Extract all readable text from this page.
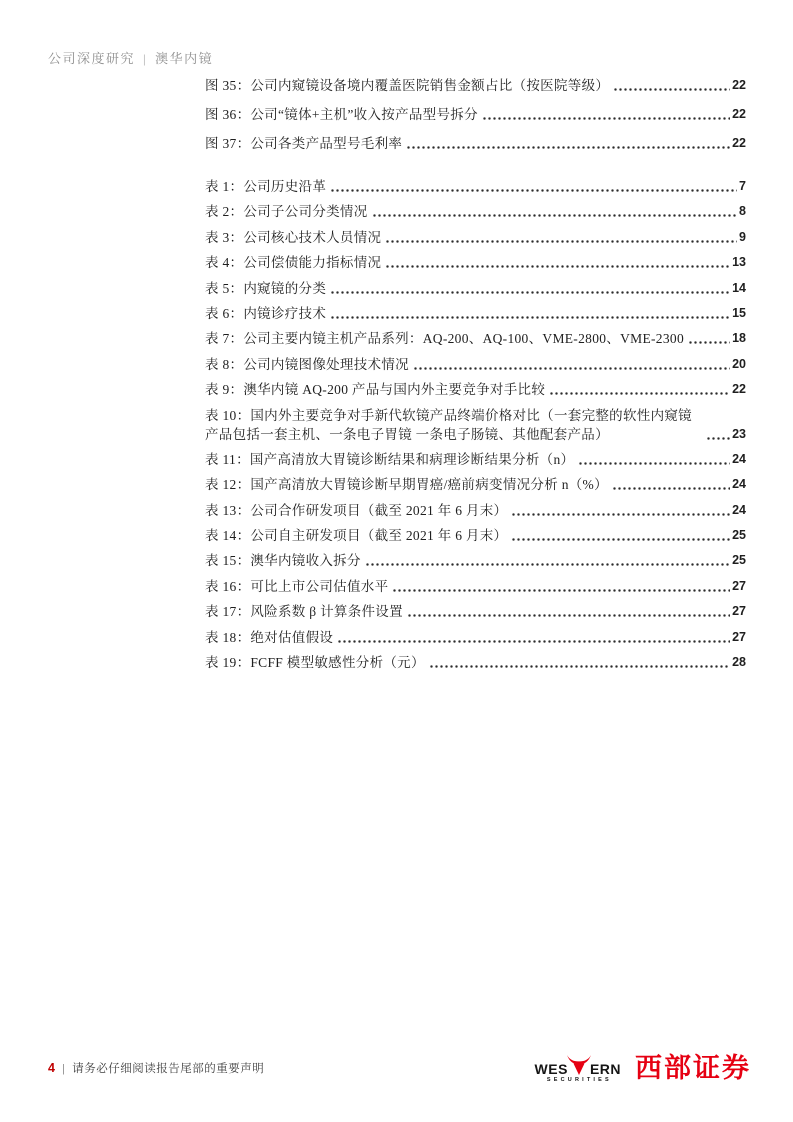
公司深度研究 | 澳华内镜
图 35：公司内窥镜设备境内覆盖医院销售金额占比（按医院等级）	22
图 36：公司“镜体+主机”收入按产品型号拆分	22
图 37：公司各类产品型号毛利率	22
表 1：公司历史沿革	7
表 2：公司子公司分类情况	8
表 3：公司核心技术人员情况	9
表 4：公司偿债能力指标情况	13
表 5：内窥镜的分类	14
表 6：内镜诊疗技术	15
表 7：公司主要内镜主机产品系列：AQ-200、AQ-100、VME-2800、VME-2300	18
表 8：公司内镜图像处理技术情况	20
表 9：澳华内镜 AQ-200 产品与国内外主要竞争对手比较	22
表 10：国内外主要竞争对手新代软镜产品终端价格对比（一套完整的软性内窥镜产品包括一套主机、一条电子胃镜 一条电子肠镜、其他配套产品）	23
表 11：国产高清放大胃镜诊断结果和病理诊断结果分析（n）	24
表 12：国产高清放大胃镜诊断早期胃癌/癌前病变情况分析 n（%）	24
表 13：公司合作研发项目（截至 2021 年 6 月末）	24
表 14：公司自主研发项目（截至 2021 年 6 月末）	25
表 15：澳华内镜收入拆分	25
表 16：可比上市公司估值水平	27
表 17：风险系数 β 计算条件设置	27
表 18：绝对估值假设	27
表 19：FCFF 模型敏感性分析（元）	28
4 | 请务必仔细阅读报告尾部的重要声明	WES ERN
SECURITIES 西部证券
